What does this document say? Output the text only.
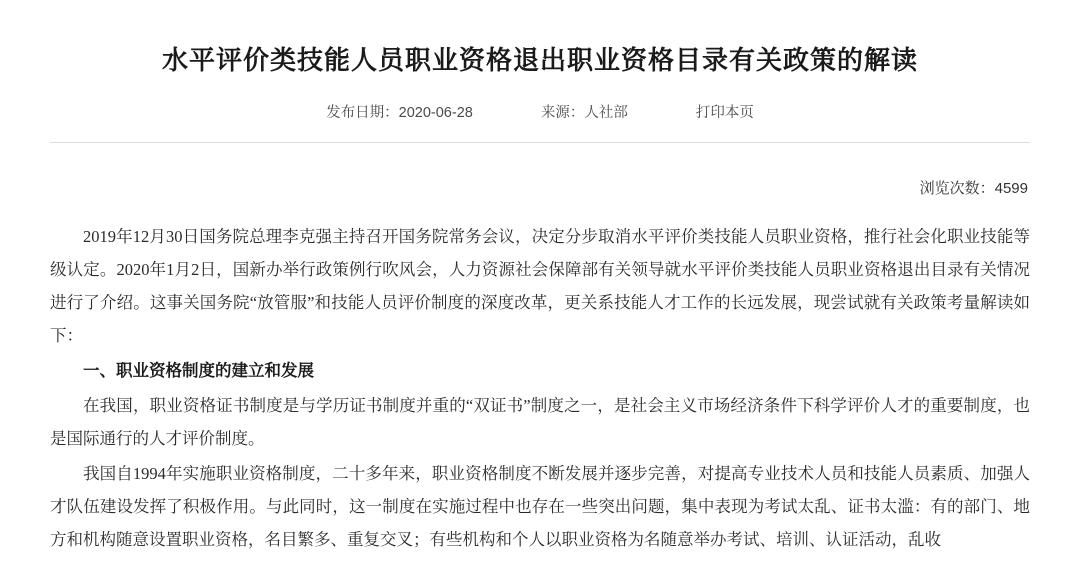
水平评价类技能人员职业资格退出职业资格目录有关政策的解读
发布日期：2020-06-28	来源：人社部	打印本页
浏览次数：4599

2019年12月30日国务院总理李克强主持召开国务院常务会议，决定分步取消水平评价类技能人员职业资格，推行社会化职业技能等级认定。2020年1月2日，国新办举行政策例行吹风会，人力资源社会保障部有关领导就水平评价类技能人员职业资格退出目录有关情况进行了介绍。这事关国务院“放管服”和技能人员评价制度的深度改革，更关系技能人才工作的长远发展，现尝试就有关政策考量解读如下：

一、职业资格制度的建立和发展

在我国，职业资格证书制度是与学历证书制度并重的“双证书”制度之一，是社会主义市场经济条件下科学评价人才的重要制度，也是国际通行的人才评价制度。

我国自1994年实施职业资格制度，二十多年来，职业资格制度不断发展并逐步完善，对提高专业技术人员和技能人员素质、加强人才队伍建设发挥了积极作用。与此同时，这一制度在实施过程中也存在一些突出问题，集中表现为考试太乱、证书太滥：有的部门、地方和机构随意设置职业资格，名目繁多、重复交叉；有些机构和个人以职业资格为名随意举办考试、培训、认证活动，乱收
